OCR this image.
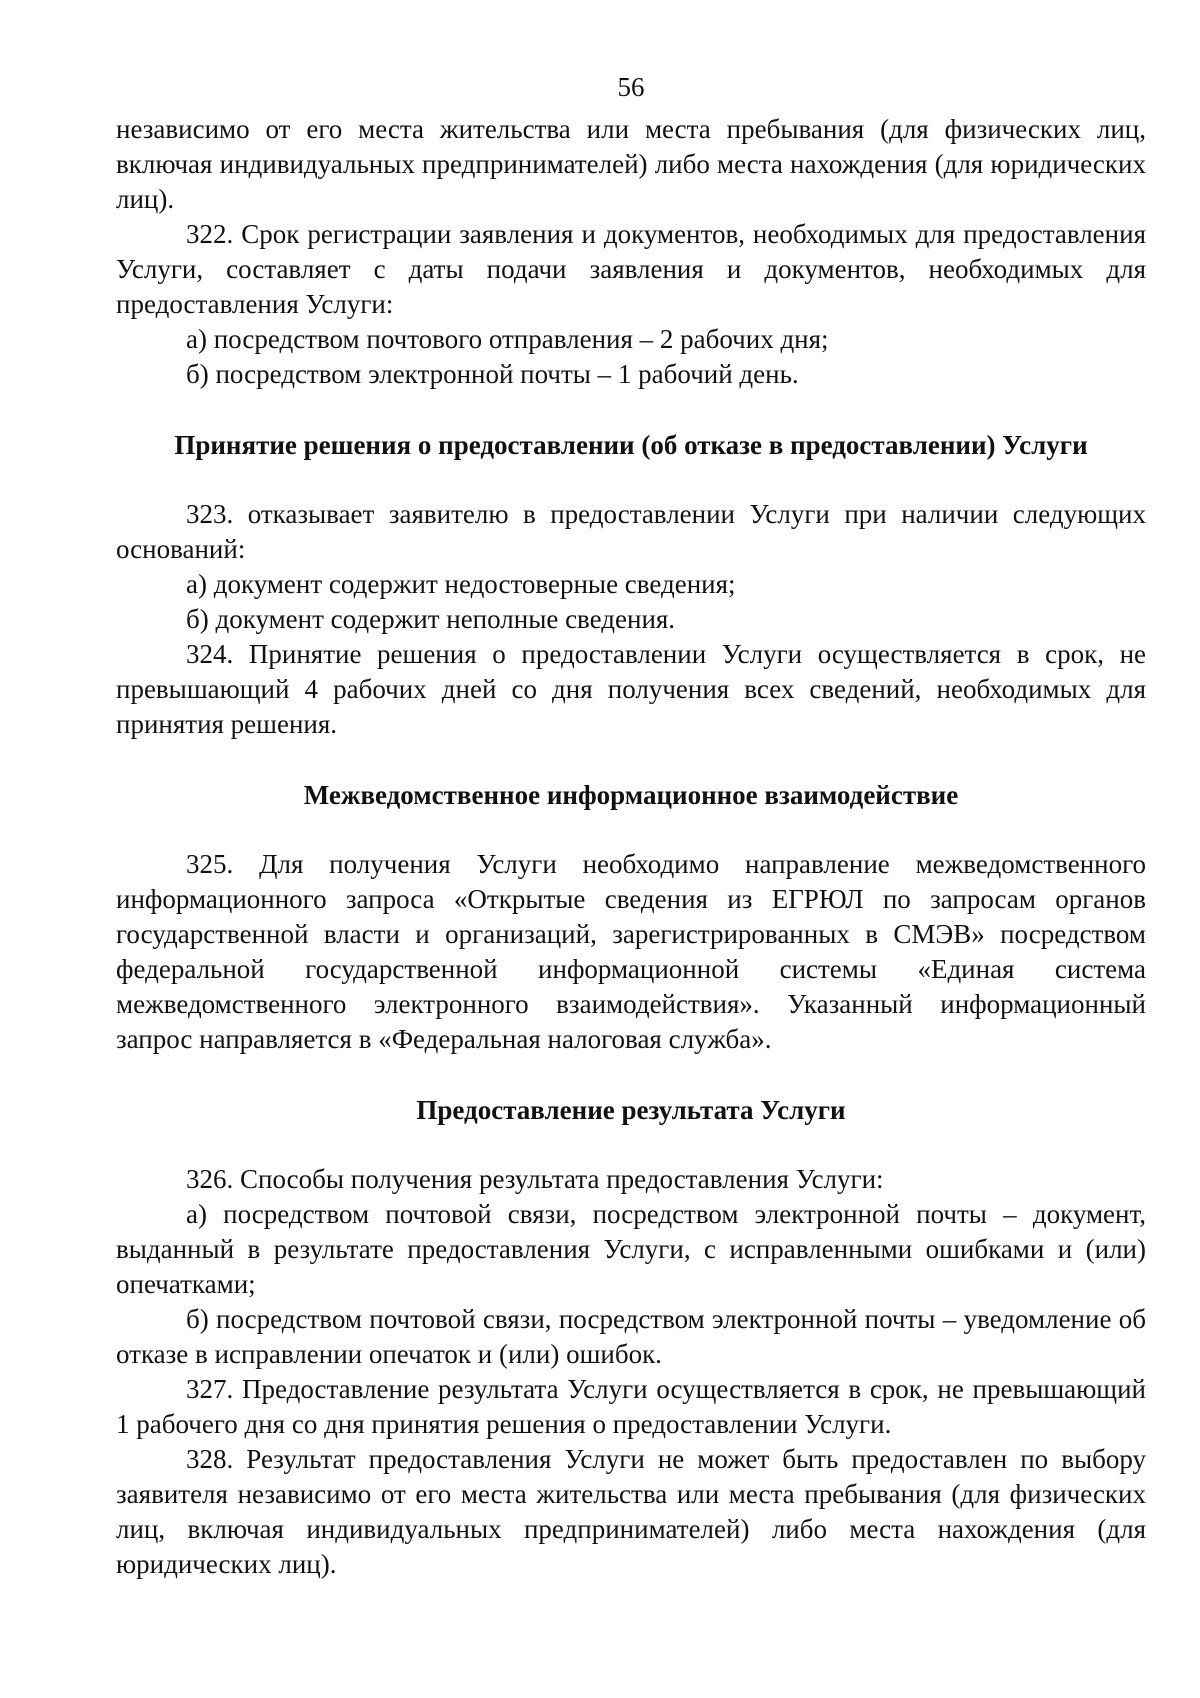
56

независимо от его места жительства или места пребывания (для физических лиц, включая индивидуальных предпринимателей) либо места нахождения (для юридических лиц).

322. Срок регистрации заявления и документов, необходимых для предоставления Услуги, составляет с даты подачи заявления и документов, необходимых для предоставления Услуги:

а) посредством почтового отправления – 2 рабочих дня;

б) посредством электронной почты – 1 рабочий день.

Принятие решения о предоставлении (об отказе в предоставлении) Услуги

323. отказывает заявителю в предоставлении Услуги при наличии следующих оснований:

а) документ содержит недостоверные сведения;

б) документ содержит неполные сведения.

324. Принятие решения о предоставлении Услуги осуществляется в срок, не превышающий 4 рабочих дней со дня получения всех сведений, необходимых для принятия решения.

Межведомственное информационное взаимодействие

325. Для получения Услуги необходимо направление межведомственного информационного запроса «Открытые сведения из ЕГРЮЛ по запросам органов государственной власти и организаций, зарегистрированных в СМЭВ» посредством федеральной государственной информационной системы «Единая система межведомственного электронного взаимодействия». Указанный информационный запрос направляется в «Федеральная налоговая служба».

Предоставление результата Услуги

326. Способы получения результата предоставления Услуги:

а) посредством почтовой связи, посредством электронной почты – документ, выданный в результате предоставления Услуги, с исправленными ошибками и (или) опечатками;

б) посредством почтовой связи, посредством электронной почты – уведомление об отказе в исправлении опечаток и (или) ошибок.

327. Предоставление результата Услуги осуществляется в срок, не превышающий 1 рабочего дня со дня принятия решения о предоставлении Услуги.

328. Результат предоставления Услуги не может быть предоставлен по выбору заявителя независимо от его места жительства или места пребывания (для физических лиц, включая индивидуальных предпринимателей) либо места нахождения (для юридических лиц).
